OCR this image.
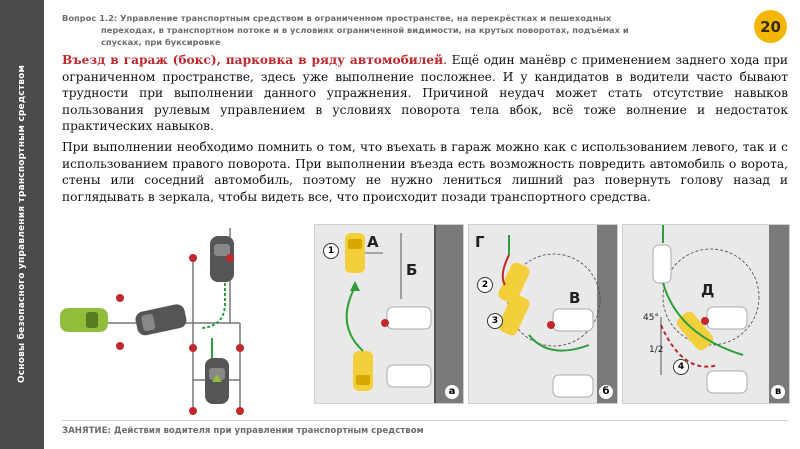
Основы безопасного управления транспортным средством
Вопрос 1.2: Управление транспортным средством в ограниченном пространстве, на перекрёстках и пешеходных
переходах, в транспортном потоке и в условиях ограниченной видимости, на крутых поворотах, подъёмах и
спусках, при буксировке
20

Въезд в гараж (бокс), парковка в ряду автомобилей. Ещё один манёвр с применением заднего хода при ограниченном пространстве, здесь уже выполнение посложнее. И у кандидатов в водители часто бывают трудности при выполнении данного упражнения. Причиной неудач может стать отсутствие навыков пользования рулевым управлением в условиях поворота тела вбок, всё тоже волнение и недостаток практических навыков.

При выполнении необходимо помнить о том, что въехать в гараж можно как с использованием левого, так и с использованием правого поворота. При выполнении въезда есть возможность повредить автомобиль о ворота, стены или соседний автомобиль, поэтому не нужно лениться лишний раз повернуть голову назад и поглядывать в зеркала, чтобы видеть все, что происходит позади транспортного средства.

1	А
Б
а
Г
В
2
3
б
Д
45°
1/2
4
в
ЗАНЯТИЕ: Действия водителя при управлении транспортным средством
